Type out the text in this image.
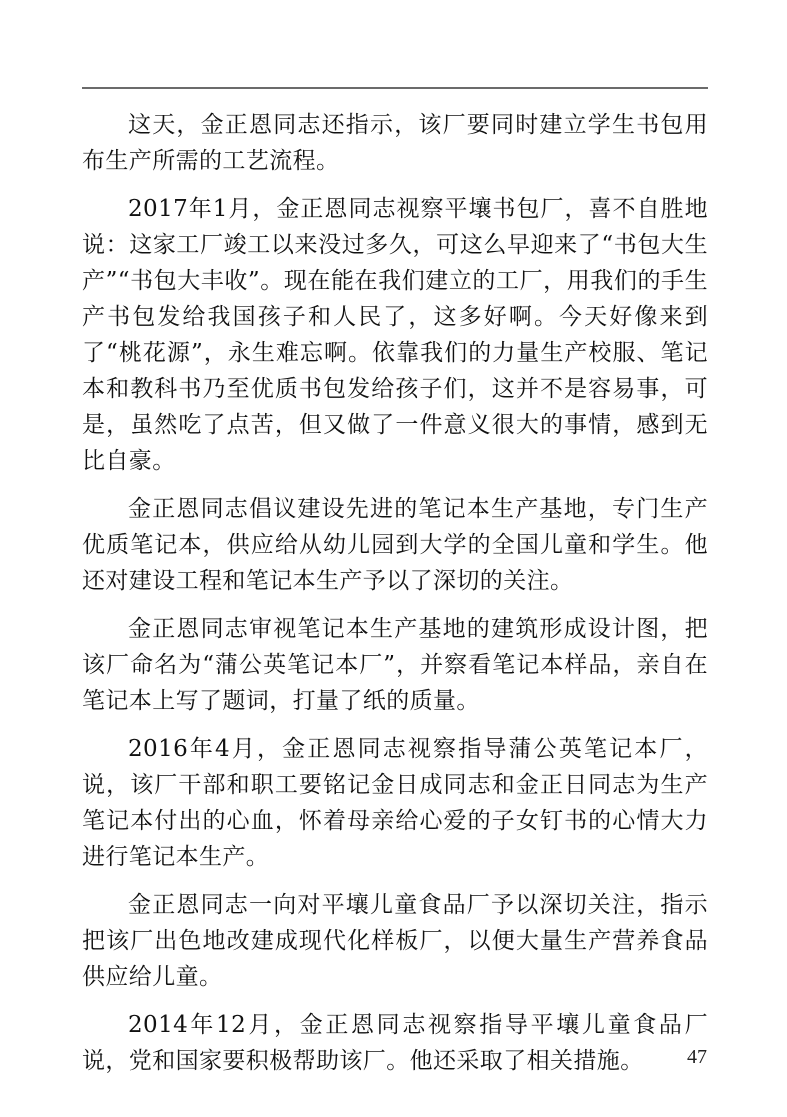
这天，金正恩同志还指示，该厂要同时建立学生书包用布生产所需的工艺流程。

2017年1月，金正恩同志视察平壤书包厂，喜不自胜地说：这家工厂竣工以来没过多久，可这么早迎来了“书包大生产”“书包大丰收”。现在能在我们建立的工厂，用我们的手生产书包发给我国孩子和人民了，这多好啊。今天好像来到了“桃花源”，永生难忘啊。依靠我们的力量生产校服、笔记本和教科书乃至优质书包发给孩子们，这并不是容易事，可是，虽然吃了点苦，但又做了一件意义很大的事情，感到无比自豪。

金正恩同志倡议建设先进的笔记本生产基地，专门生产优质笔记本，供应给从幼儿园到大学的全国儿童和学生。他还对建设工程和笔记本生产予以了深切的关注。

金正恩同志审视笔记本生产基地的建筑形成设计图，把该厂命名为“蒲公英笔记本厂”，并察看笔记本样品，亲自在笔记本上写了题词，打量了纸的质量。

2016年4月，金正恩同志视察指导蒲公英笔记本厂，说，该厂干部和职工要铭记金日成同志和金正日同志为生产笔记本付出的心血，怀着母亲给心爱的子女钉书的心情大力进行笔记本生产。

金正恩同志一向对平壤儿童食品厂予以深切关注，指示把该厂出色地改建成现代化样板厂，以便大量生产营养食品供应给儿童。

2014年12月，金正恩同志视察指导平壤儿童食品厂说，党和国家要积极帮助该厂。他还采取了相关措施。	47
